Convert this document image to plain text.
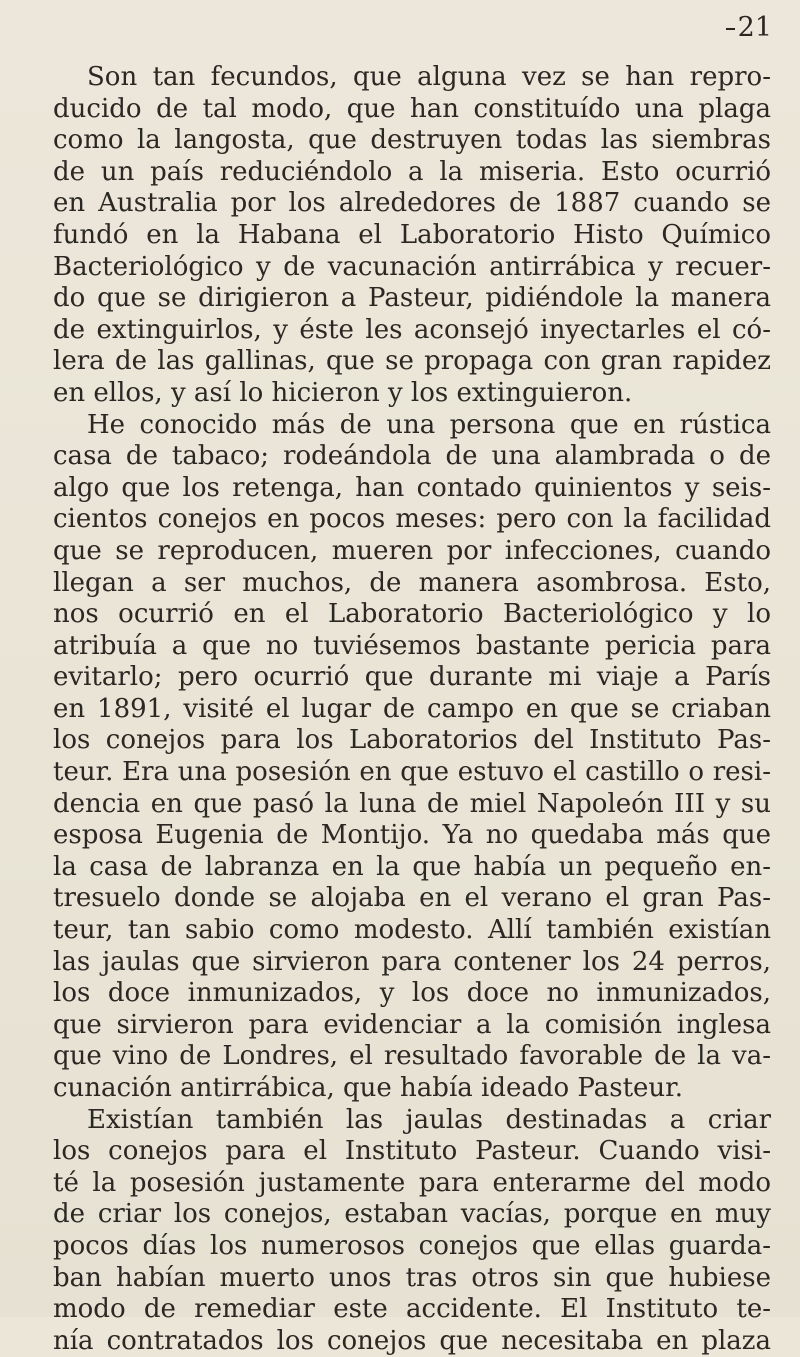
21
Son tan fecundos, que alguna vez se han repro-
ducido de tal modo, que han constituído una plaga
como la langosta, que destruyen todas las siembras
de un país reduciéndolo a la miseria. Esto ocurrió
en Australia por los alrededores de 1887 cuando se
fundó en la Habana el Laboratorio Histo Químico
Bacteriológico y de vacunación antirrábica y recuer-
do que se dirigieron a Pasteur, pidiéndole la manera
de extinguirlos, y éste les aconsejó inyectarles el có-
lera de las gallinas, que se propaga con gran rapidez
en ellos, y así lo hicieron y los extinguieron.
He conocido más de una persona que en rústica
casa de tabaco; rodeándola de una alambrada o de
algo que los retenga, han contado quinientos y seis-
cientos conejos en pocos meses: pero con la facilidad
que se reproducen, mueren por infecciones, cuando
llegan a ser muchos, de manera asombrosa. Esto,
nos ocurrió en el Laboratorio Bacteriológico y lo
atribuía a que no tuviésemos bastante pericia para
evitarlo; pero ocurrió que durante mi viaje a París
en 1891, visité el lugar de campo en que se criaban
los conejos para los Laboratorios del Instituto Pas-
teur. Era una posesión en que estuvo el castillo o resi-
dencia en que pasó la luna de miel Napoleón III y su
esposa Eugenia de Montijo. Ya no quedaba más que
la casa de labranza en la que había un pequeño en-
tresuelo donde se alojaba en el verano el gran Pas-
teur, tan sabio como modesto. Allí también existían
las jaulas que sirvieron para contener los 24 perros,
los doce inmunizados, y los doce no inmunizados,
que sirvieron para evidenciar a la comisión inglesa
que vino de Londres, el resultado favorable de la va-
cunación antirrábica, que había ideado Pasteur.
Existían también las jaulas destinadas a criar
los conejos para el Instituto Pasteur. Cuando visi-
té la posesión justamente para enterarme del modo
de criar los conejos, estaban vacías, porque en muy
pocos días los numerosos conejos que ellas guarda-
ban habían muerto unos tras otros sin que hubiese
modo de remediar este accidente. El Instituto te-
nía contratados los conejos que necesitaba en plaza
